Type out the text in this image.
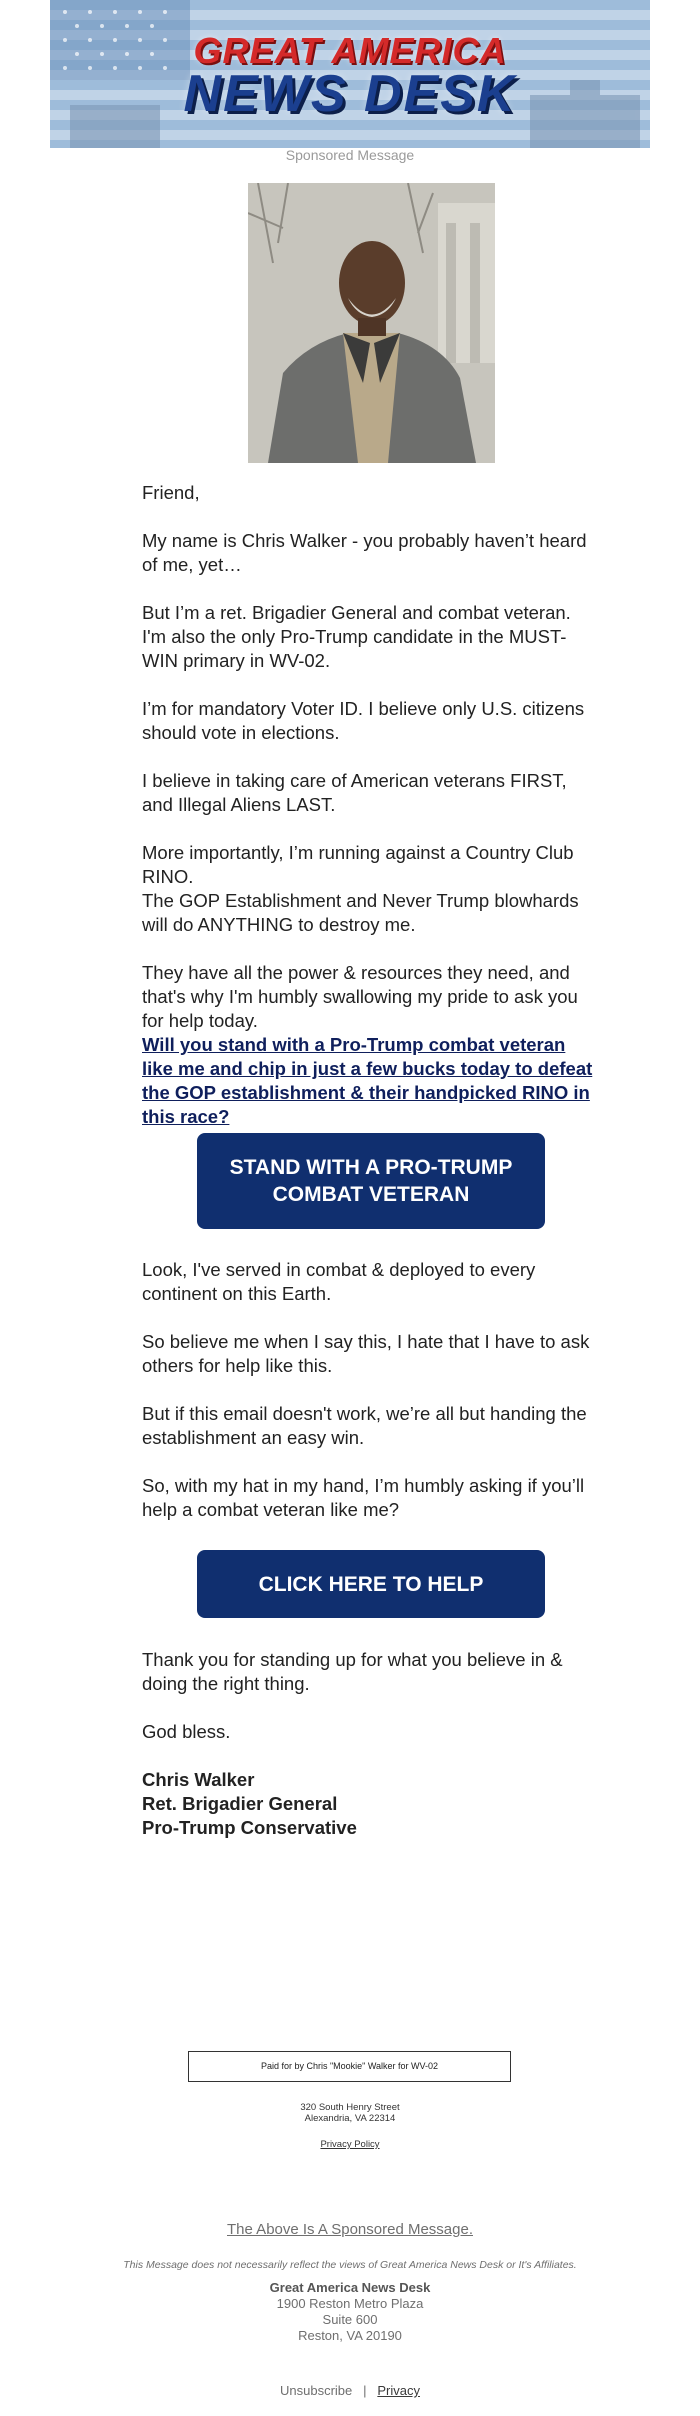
GREAT AMERICA
NEWS DESK
Sponsored Message

Friend,

My name is Chris Walker - you probably haven’t heard of me, yet…

But I’m a ret. Brigadier General and combat veteran. I'm also the only Pro-Trump candidate in the MUST-WIN primary in WV-02.

I’m for mandatory Voter ID. I believe only U.S. citizens should vote in elections.

I believe in taking care of American veterans FIRST, and Illegal Aliens LAST.

More importantly, I’m running against a Country Club RINO.

The GOP Establishment and Never Trump blowhards will do ANYTHING to destroy me.

They have all the power & resources they need, and that's why I'm humbly swallowing my pride to ask you for help today.

Will you stand with a Pro-Trump combat veteran like me and chip in just a few bucks today to defeat the GOP establishment & their handpicked RINO in this race?

STAND WITH A PRO-TRUMP COMBAT VETERAN

Look, I've served in combat & deployed to every continent on this Earth.

So believe me when I say this, I hate that I have to ask others for help like this.

But if this email doesn't work, we’re all but handing the establishment an easy win.

So, with my hat in my hand, I’m humbly asking if you’ll help a combat veteran like me?

CLICK HERE TO HELP

Thank you for standing up for what you believe in & doing the right thing.

God bless.

Chris Walker

Ret. Brigadier General

Pro-Trump Conservative

Paid for by Chris "Mookie" Walker for WV-02
320 South Henry Street
Alexandria, VA 22314
Privacy Policy
The Above Is A Sponsored Message.
This Message does not necessarily reflect the views of Great America News Desk or It's Affiliates.
Great America News Desk
1900 Reston Metro Plaza
Suite 600
Reston, VA 20190
Unsubscribe | Privacy
